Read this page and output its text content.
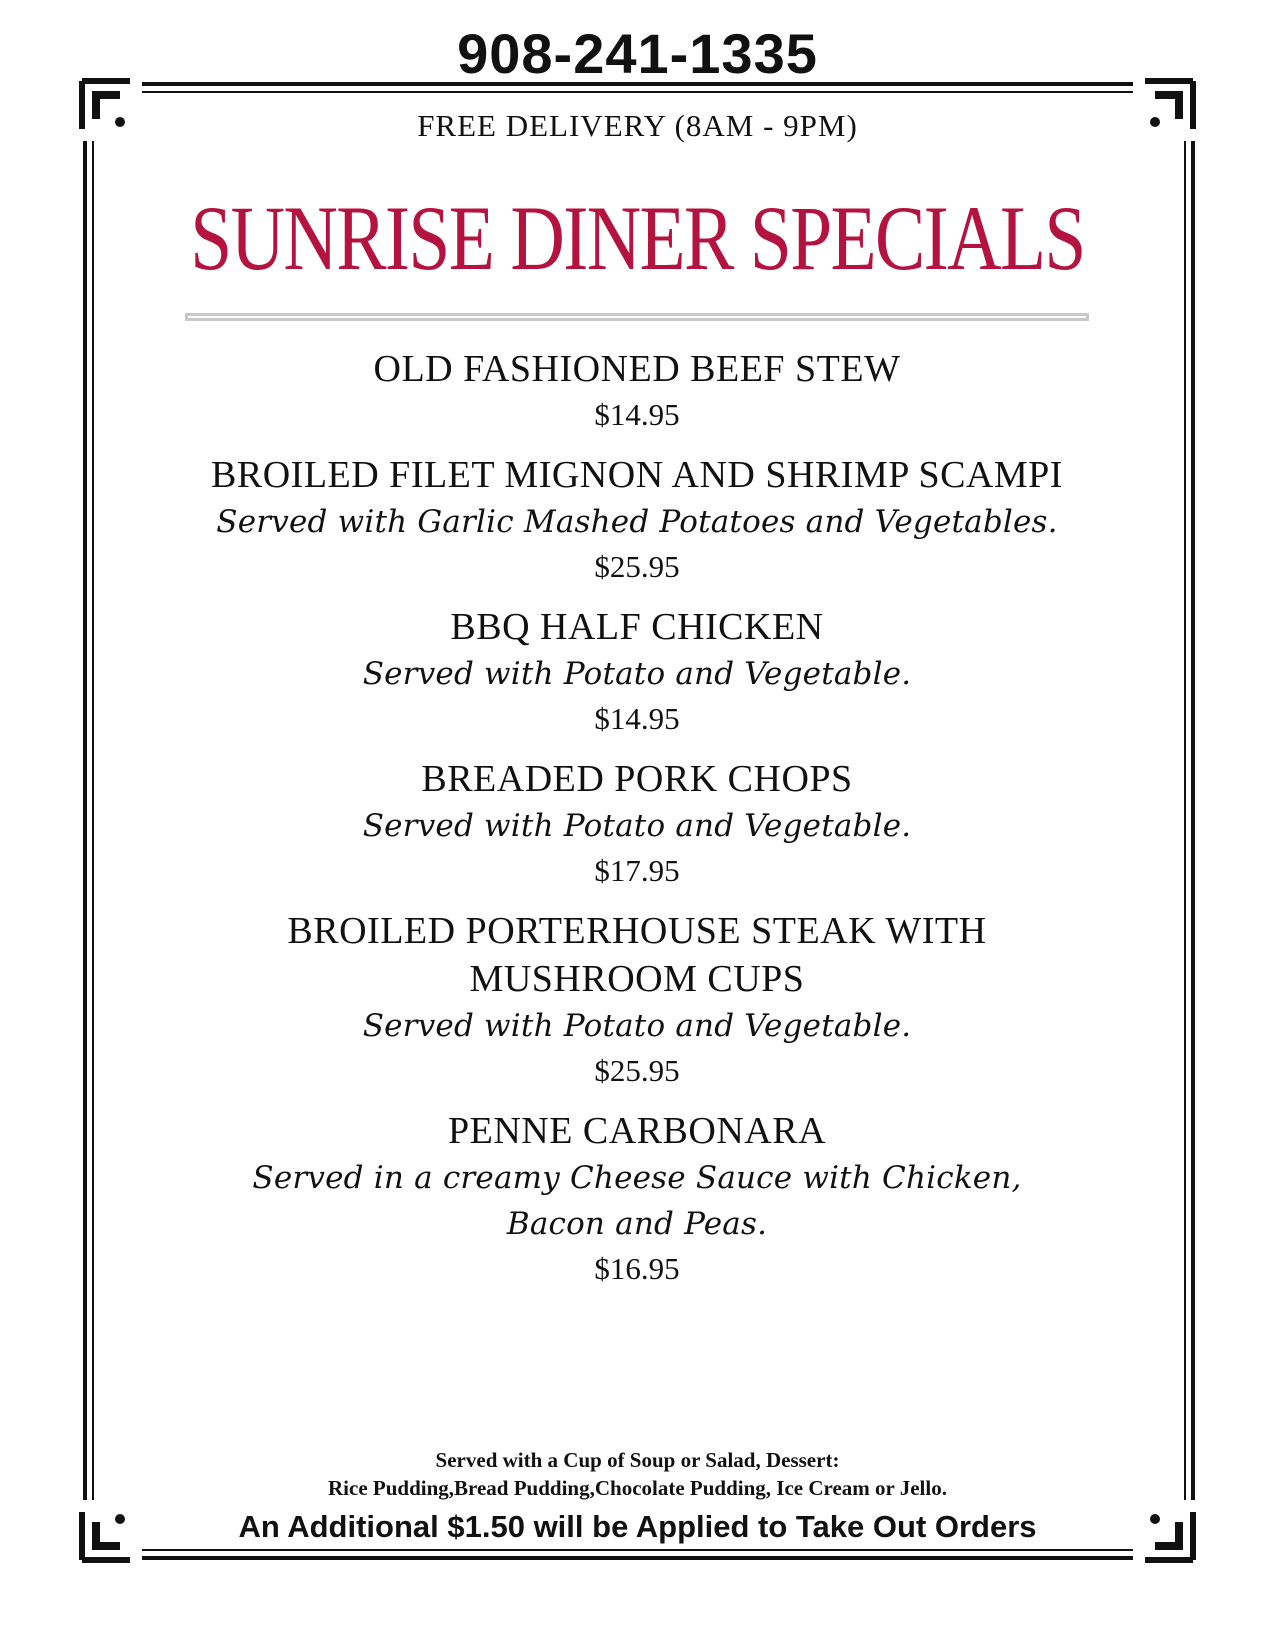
908-241-1335
FREE DELIVERY (8AM - 9PM)
SUNRISE DINER SPECIALS
OLD FASHIONED BEEF STEW
$14.95
BROILED FILET MIGNON AND SHRIMP SCAMPI
Served with Garlic Mashed Potatoes and Vegetables.
$25.95
BBQ HALF CHICKEN
Served with Potato and Vegetable.
$14.95
BREADED PORK CHOPS
Served with Potato and Vegetable.
$17.95
BROILED PORTERHOUSE STEAK WITH MUSHROOM CUPS
Served with Potato and Vegetable.
$25.95
PENNE CARBONARA
Served in a creamy Cheese Sauce with Chicken, Bacon and Peas.
$16.95
Served with a Cup of Soup or Salad, Dessert:
Rice Pudding,Bread Pudding,Chocolate Pudding, Ice Cream or Jello.
An Additional $1.50 will be Applied to Take Out Orders
